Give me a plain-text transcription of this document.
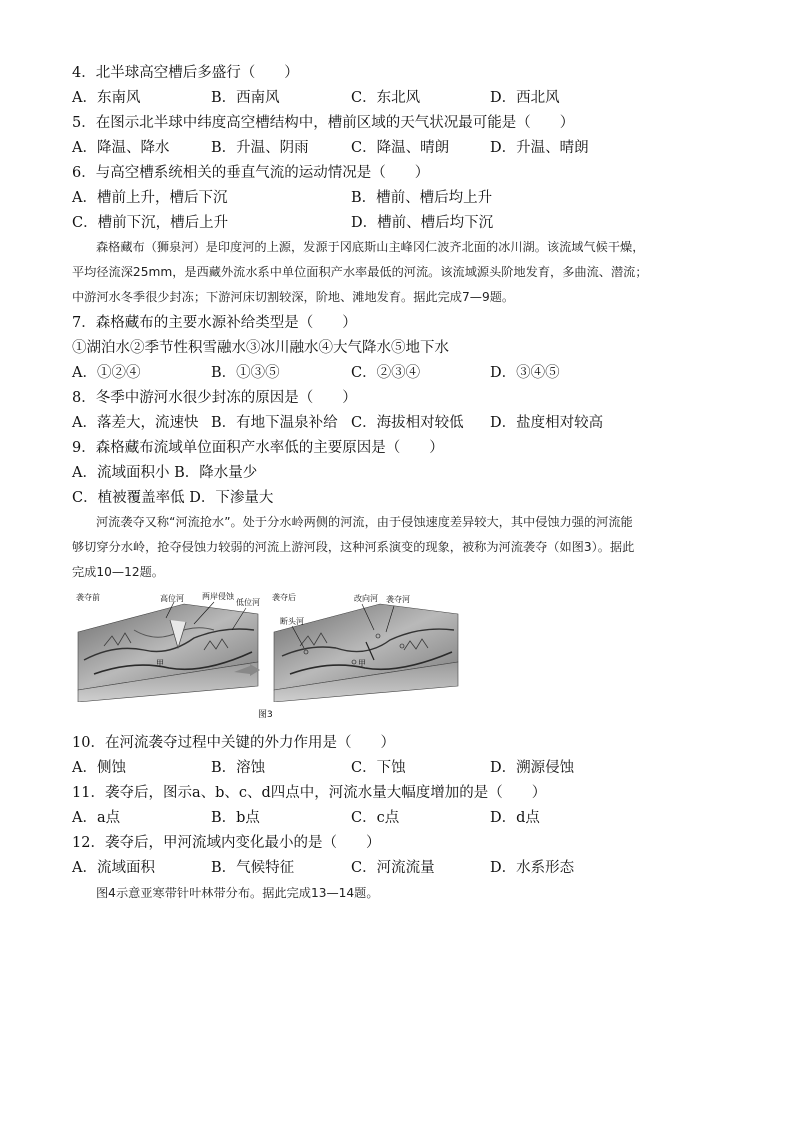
4．北半球高空槽后多盛行（　　）
A．东南风	B．西南风	C．东北风	D．西北风
5．在图示北半球中纬度高空槽结构中，槽前区域的天气状况最可能是（　　）
A．降温、降水	B．升温、阴雨	C．降温、晴朗	D．升温、晴朗
6．与高空槽系统相关的垂直气流的运动情况是（　　）
A．槽前上升，槽后下沉	B．槽前、槽后均上升
C．槽前下沉，槽后上升	D．槽前、槽后均下沉
森格藏布（狮泉河）是印度河的上源，发源于冈底斯山主峰冈仁波齐北面的冰川湖。该流域气候干燥，
平均径流深25mm，是西藏外流水系中单位面积产水率最低的河流。该流域源头阶地发育，多曲流、潜流；
中游河水冬季很少封冻；下游河床切割较深，阶地、滩地发育。据此完成7—9题。
7．森格藏布的主要水源补给类型是（　　）
①湖泊水②季节性积雪融水③冰川融水④大气降水⑤地下水
A．①②④	B．①③⑤	C．②③④	D．③④⑤
8．冬季中游河水很少封冻的原因是（　　）
A．落差大，流速快 B．有地下温泉补给 C．海拔相对较低 D．盐度相对较高
9．森格藏布流域单位面积产水率低的主要原因是（　　）
A．流域面积小 B．降水量少
C．植被覆盖率低 D．下渗量大
河流袭夺又称“河流抢水”。处于分水岭两侧的河流，由于侵蚀速度差异较大，其中侵蚀力强的河流能
够切穿分水岭，抢夺侵蚀力较弱的河流上游河段，这种河系演变的现象，被称为河流袭夺（如图3）。据此
完成10—12题。
袭夺前	高位河 两岸侵蚀
低位河
甲
袭夺后	改向河 袭夺河
断头河
甲
图3
10．在河流袭夺过程中关键的外力作用是（　　）
A．侧蚀	B．溶蚀	C．下蚀	D．溯源侵蚀
11．袭夺后，图示a、b、c、d四点中，河流水量大幅度增加的是（　　）
A．a点	B．b点	C．c点	D．d点
12．袭夺后，甲河流域内变化最小的是（　　）
A．流域面积	B．气候特征	C．河流流量	D．水系形态
图4示意亚寒带针叶林带分布。据此完成13—14题。
